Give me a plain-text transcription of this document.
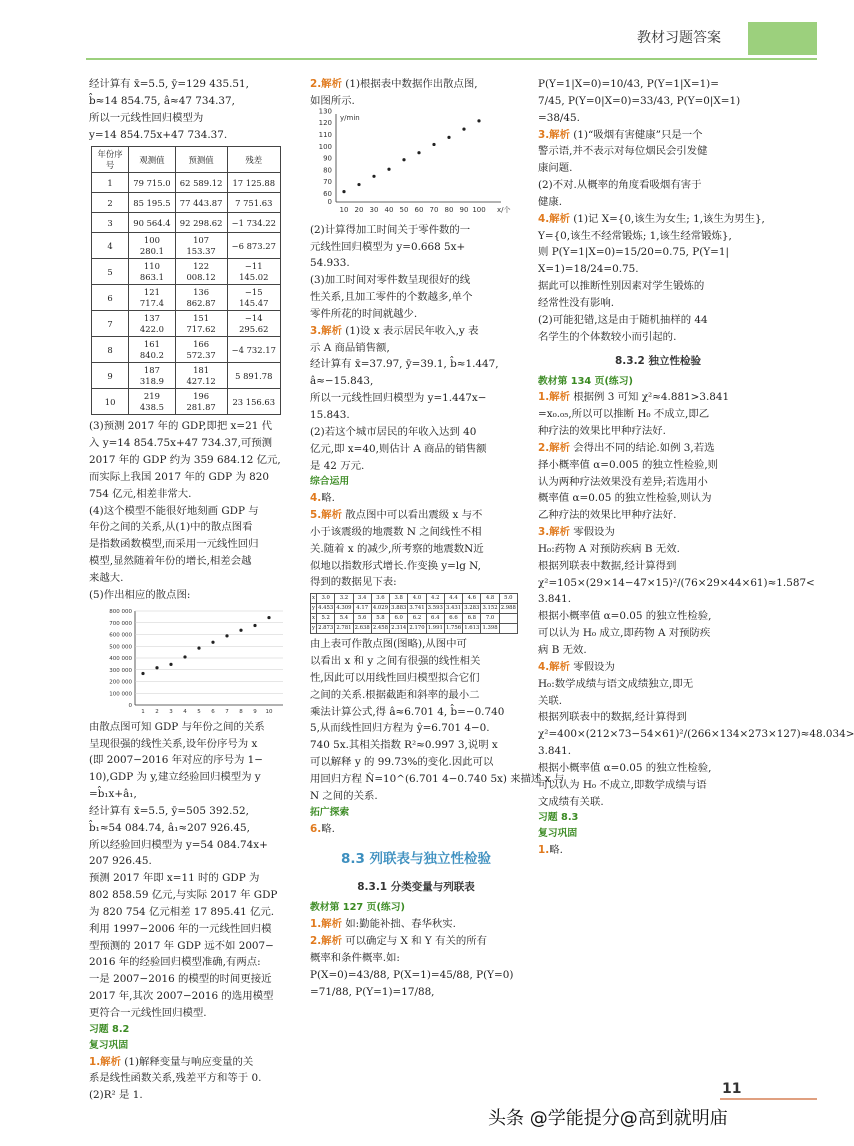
教材习题答案
经计算有 x̄=5.5, ȳ=129 435.51,
b̂≈14 854.75, â≈47 734.37,
所以一元线性回归模型为
y=14 854.75x+47 734.37.
年份序号	观测值	预测值	残差
1	79 715.0	62 589.12	17 125.88
2	85 195.5	77 443.87	7 751.63
3	90 564.4	92 298.62	−1 734.22
4	100 280.1	107 153.37	−6 873.27
5	110 863.1	122 008.12	−11 145.02
6	121 717.4	136 862.87	−15 145.47
7	137 422.0	151 717.62	−14 295.62
8	161 840.2	166 572.37	−4 732.17
9	187 318.9	181 427.12	5 891.78
10	219 438.5	196 281.87	23 156.63
(3)预测 2017 年的 GDP,即把 x=21 代
入 y=14 854.75x+47 734.37,可预测
2017 年的 GDP 约为 359 684.12 亿元,
而实际上我国 2017 年的 GDP 为 820
754 亿元,相差非常大.
(4)这个模型不能很好地刻画 GDP 与
年份之间的关系,从(1)中的散点图看
是指数函数模型,而采用一元线性回归
模型,显然随着年份的增长,相差会越
来越大.
(5)作出相应的散点图:
800 000
700 000
600 000
500 000
400 000
300 000
200 000
100 000
0
1 2 3 4 5 6 7 8 9 10
由散点图可知 GDP 与年份之间的关系
呈现很强的线性关系,设年份序号为 x
(即 2007−2016 年对应的序号为 1−
10),GDP 为 y,建立经验回归模型为 y
=b̂₁x+â₁,
经计算有 x̄=5.5, ȳ=505 392.52,
b̂₁≈54 084.74, â₁≈207 926.45,
所以经验回归模型为 y=54 084.74x+
207 926.45.
预测 2017 年即 x=11 时的 GDP 为
802 858.59 亿元,与实际 2017 年 GDP
为 820 754 亿元相差 17 895.41 亿元.
利用 1997−2006 年的一元线性回归模
型预测的 2017 年 GDP 远不如 2007−
2016 年的经验回归模型准确,有两点:
一是 2007−2016 的模型的时间更接近
2017 年,其次 2007−2016 的选用模型
更符合一元线性回归模型.
习题 8.2
复习巩固
1.解析 (1)解释变量与响应变量的关
系是线性函数关系,残差平方和等于 0.
(2)R² 是 1.
2.解析 (1)根据表中数据作出散点图,
如图所示.
y/min
x/个
130
120
110
100
90
80
70
60
0
10 20 30 40 50 60 70 80 90 100
(2)计算得加工时间关于零件数的一
元线性回归模型为 y=0.668 5x+
54.933.
(3)加工时间对零件数呈现很好的线
性关系,且加工零件的个数越多,单个
零件所花的时间就越少.
3.解析 (1)设 x 表示居民年收入,y 表
示 A 商品销售额,
经计算有 x̄=37.97, ȳ=39.1, b̂≈1.447,
â≈−15.843,
所以一元线性回归模型为 y=1.447x−
15.843.
(2)若这个城市居民的年收入达到 40
亿元,即 x=40,则估计 A 商品的销售额
是 42 万元.
综合运用
4.略.
5.解析 散点图中可以看出震级 x 与不
小于该震级的地震数 N 之间线性不相
关.随着 x 的减少,所考察的地震数N近
似地以指数形式增长.作变换 y=lg N,
得到的数据见下表:
x	3.0	3.2	3.4	3.6	3.8	4.0	4.2	4.4	4.6	4.8	5.0
y	4.453	4.309	4.17	4.029	3.883	3.741	3.593	3.431	3.283	3.152	2.988
x	5.2	5.4	5.6	5.8	6.0	6.2	6.4	6.6	6.8	7.0	
y	2.873	2.781	2.638	2.458	2.314	2.170	1.991	1.756	1.613	1.398	
由上表可作散点图(图略),从图中可
以看出 x 和 y 之间有很强的线性相关
性,因此可以用线性回归模型拟合它们
之间的关系.根据截距和斜率的最小二
乘法计算公式,得 â≈6.701 4, b̂=−0.740
5,从而线性回归方程为 ŷ=6.701 4−0.
740 5x.其相关指数 R²≈0.997 3,说明 x
可以解释 y 的 99.73%的变化.因此可以
用回归方程 N̂=10^(6.701 4−0.740 5x) 来描述 x 与
N 之间的关系.
拓广探索
6.略.
8.3 列联表与独立性检验
8.3.1 分类变量与列联表
教材第 127 页(练习)
1.解析 如:勤能补拙、春华秋实.
2.解析 可以确定与 X 和 Y 有关的所有
概率和条件概率.如:
P(X=0)=43/88, P(X=1)=45/88, P(Y=0)
=71/88, P(Y=1)=17/88,
P(Y=1|X=0)=10/43, P(Y=1|X=1)=
7/45, P(Y=0|X=0)=33/43, P(Y=0|X=1)
=38/45.
3.解析 (1)“吸烟有害健康”只是一个
警示语,并不表示对每位烟民会引发健
康问题.
(2)不对.从概率的角度看吸烟有害于
健康.
4.解析 (1)记 X={0,该生为女生; 1,该生为男生},
Y={0,该生不经常锻炼; 1,该生经常锻炼},
则 P(Y=1|X=0)=15/20=0.75, P(Y=1|
X=1)=18/24=0.75.
据此可以推断性别因素对学生锻炼的
经常性没有影响.
(2)可能犯错,这是由于随机抽样的 44
名学生的个体数较小而引起的.
8.3.2 独立性检验
教材第 134 页(练习)
1.解析 根据例 3 可知 χ²≈4.881>3.841
=x₀.₀₅,所以可以推断 H₀ 不成立,即乙
种疗法的效果比甲种疗法好.
2.解析 会得出不同的结论.如例 3,若选
择小概率值 α=0.005 的独立性检验,则
认为两种疗法效果没有差异;若选用小
概率值 α=0.05 的独立性检验,则认为
乙种疗法的效果比甲种疗法好.
3.解析 零假设为
H₀:药物 A 对预防疾病 B 无效.
根据列联表中数据,经计算得到
χ²=105×(29×14−47×15)²/(76×29×44×61)≈1.587<
3.841.
根据小概率值 α=0.05 的独立性检验,
可以认为 H₀ 成立,即药物 A 对预防疾
病 B 无效.
4.解析 零假设为
H₀:数学成绩与语文成绩独立,即无
关联.
根据列联表中的数据,经计算得到
χ²=400×(212×73−54×61)²/(266×134×273×127)≈48.034>
3.841.
根据小概率值 α=0.05 的独立性检验,
可以认为 H₀ 不成立,即数学成绩与语
文成绩有关联.
习题 8.3
复习巩固
1.略.
11
头条 @学能提分@高到就明庙
